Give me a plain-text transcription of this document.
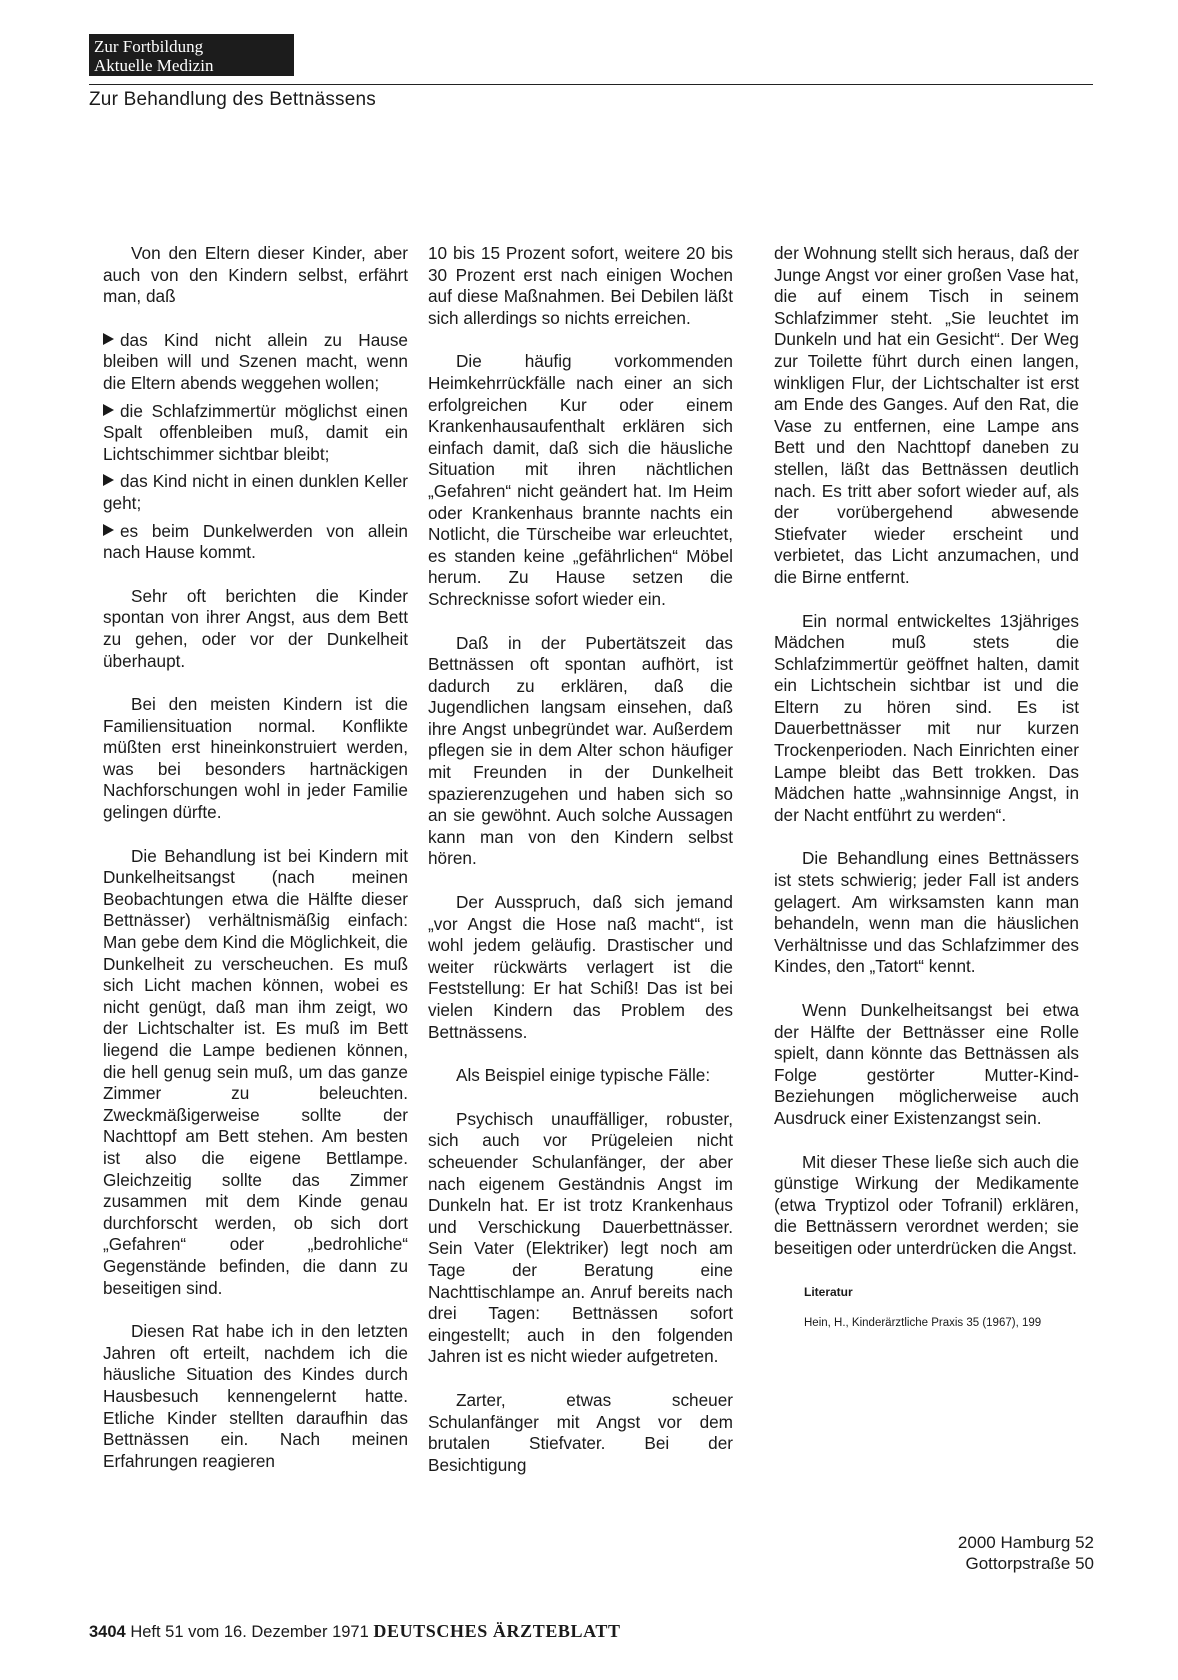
Zur Fortbildung
Aktuelle Medizin
Zur Behandlung des Bettnässens

Von den Eltern dieser Kinder, aber auch von den Kindern selbst, erfährt man, daß

das Kind nicht allein zu Hause bleiben will und Szenen macht, wenn die Eltern abends weggehen wollen;

die Schlafzimmertür möglichst einen Spalt offenbleiben muß, damit ein Lichtschimmer sichtbar bleibt;

das Kind nicht in einen dunklen Keller geht;

es beim Dunkelwerden von allein nach Hause kommt.

Sehr oft berichten die Kinder spontan von ihrer Angst, aus dem Bett zu gehen, oder vor der Dunkelheit überhaupt.

Bei den meisten Kindern ist die Familiensituation normal. Konflikte müßten erst hineinkonstruiert werden, was bei besonders hartnäckigen Nachforschungen wohl in jeder Familie gelingen dürfte.

Die Behandlung ist bei Kindern mit Dunkelheitsangst (nach meinen Beobachtungen etwa die Hälfte dieser Bettnässer) verhältnismäßig einfach: Man gebe dem Kind die Möglichkeit, die Dunkelheit zu verscheuchen. Es muß sich Licht machen können, wobei es nicht genügt, daß man ihm zeigt, wo der Lichtschalter ist. Es muß im Bett liegend die Lampe bedienen können, die hell genug sein muß, um das ganze Zimmer zu beleuchten. Zweckmäßigerweise sollte der Nachttopf am Bett stehen. Am besten ist also die eigene Bettlampe. Gleichzeitig sollte das Zimmer zusammen mit dem Kinde genau durchforscht werden, ob sich dort „Gefahren“ oder „bedrohliche“ Gegenstände befinden, die dann zu beseitigen sind.

Diesen Rat habe ich in den letzten Jahren oft erteilt, nachdem ich die häusliche Situation des Kindes durch Hausbesuch kennengelernt hatte. Etliche Kinder stellten daraufhin das Bettnässen ein. Nach meinen Erfahrungen reagieren

10 bis 15 Prozent sofort, weitere 20 bis 30 Prozent erst nach einigen Wochen auf diese Maßnahmen. Bei Debilen läßt sich allerdings so nichts erreichen.

Die häufig vorkommenden Heimkehrrückfälle nach einer an sich erfolgreichen Kur oder einem Krankenhausaufenthalt erklären sich einfach damit, daß sich die häusliche Situation mit ihren nächtlichen „Gefahren“ nicht geändert hat. Im Heim oder Krankenhaus brannte nachts ein Notlicht, die Türscheibe war erleuchtet, es standen keine „gefährlichen“ Möbel herum. Zu Hause setzen die Schrecknisse sofort wieder ein.

Daß in der Pubertätszeit das Bettnässen oft spontan aufhört, ist dadurch zu erklären, daß die Jugendlichen langsam einsehen, daß ihre Angst unbegründet war. Außerdem pflegen sie in dem Alter schon häufiger mit Freunden in der Dunkelheit spazierenzugehen und haben sich so an sie gewöhnt. Auch solche Aussagen kann man von den Kindern selbst hören.

Der Ausspruch, daß sich jemand „vor Angst die Hose naß macht“, ist wohl jedem geläufig. Drastischer und weiter rückwärts verlagert ist die Feststellung: Er hat Schiß! Das ist bei vielen Kindern das Problem des Bettnässens.

Als Beispiel einige typische Fälle:

Psychisch unauffälliger, robuster, sich auch vor Prügeleien nicht scheuender Schulanfänger, der aber nach eigenem Geständnis Angst im Dunkeln hat. Er ist trotz Krankenhaus und Verschickung Dauerbettnässer. Sein Vater (Elektriker) legt noch am Tage der Beratung eine Nachttischlampe an. Anruf bereits nach drei Tagen: Bettnässen sofort eingestellt; auch in den folgenden Jahren ist es nicht wieder aufgetreten.

Zarter, etwas scheuer Schulanfänger mit Angst vor dem brutalen Stiefvater. Bei der Besichtigung

der Wohnung stellt sich heraus, daß der Junge Angst vor einer großen Vase hat, die auf einem Tisch in seinem Schlafzimmer steht. „Sie leuchtet im Dunkeln und hat ein Gesicht“. Der Weg zur Toilette führt durch einen langen, winkligen Flur, der Lichtschalter ist erst am Ende des Ganges. Auf den Rat, die Vase zu entfernen, eine Lampe ans Bett und den Nachttopf daneben zu stellen, läßt das Bettnässen deutlich nach. Es tritt aber sofort wieder auf, als der vorübergehend abwesende Stiefvater wieder erscheint und verbietet, das Licht anzumachen, und die Birne entfernt.

Ein normal entwickeltes 13jähriges Mädchen muß stets die Schlafzimmertür geöffnet halten, damit ein Lichtschein sichtbar ist und die Eltern zu hören sind. Es ist Dauerbettnässer mit nur kurzen Trockenperioden. Nach Einrichten einer Lampe bleibt das Bett trokken. Das Mädchen hatte „wahnsinnige Angst, in der Nacht entführt zu werden“.

Die Behandlung eines Bettnässers ist stets schwierig; jeder Fall ist anders gelagert. Am wirksamsten kann man behandeln, wenn man die häuslichen Verhältnisse und das Schlafzimmer des Kindes, den „Tatort“ kennt.

Wenn Dunkelheitsangst bei etwa der Hälfte der Bettnässer eine Rolle spielt, dann könnte das Bettnässen als Folge gestörter Mutter-Kind-Beziehungen möglicherweise auch Ausdruck einer Existenzangst sein.

Mit dieser These ließe sich auch die günstige Wirkung der Medikamente (etwa Tryptizol oder Tofranil) erklären, die Bettnässern verordnet werden; sie beseitigen oder unterdrücken die Angst.

Literatur
Hein, H., Kinderärztliche Praxis 35 (1967), 199
2000 Hamburg 52
Gottorpstraße 50
3404 Heft 51 vom 16. Dezember 1971 DEUTSCHES ÄRZTEBLATT
